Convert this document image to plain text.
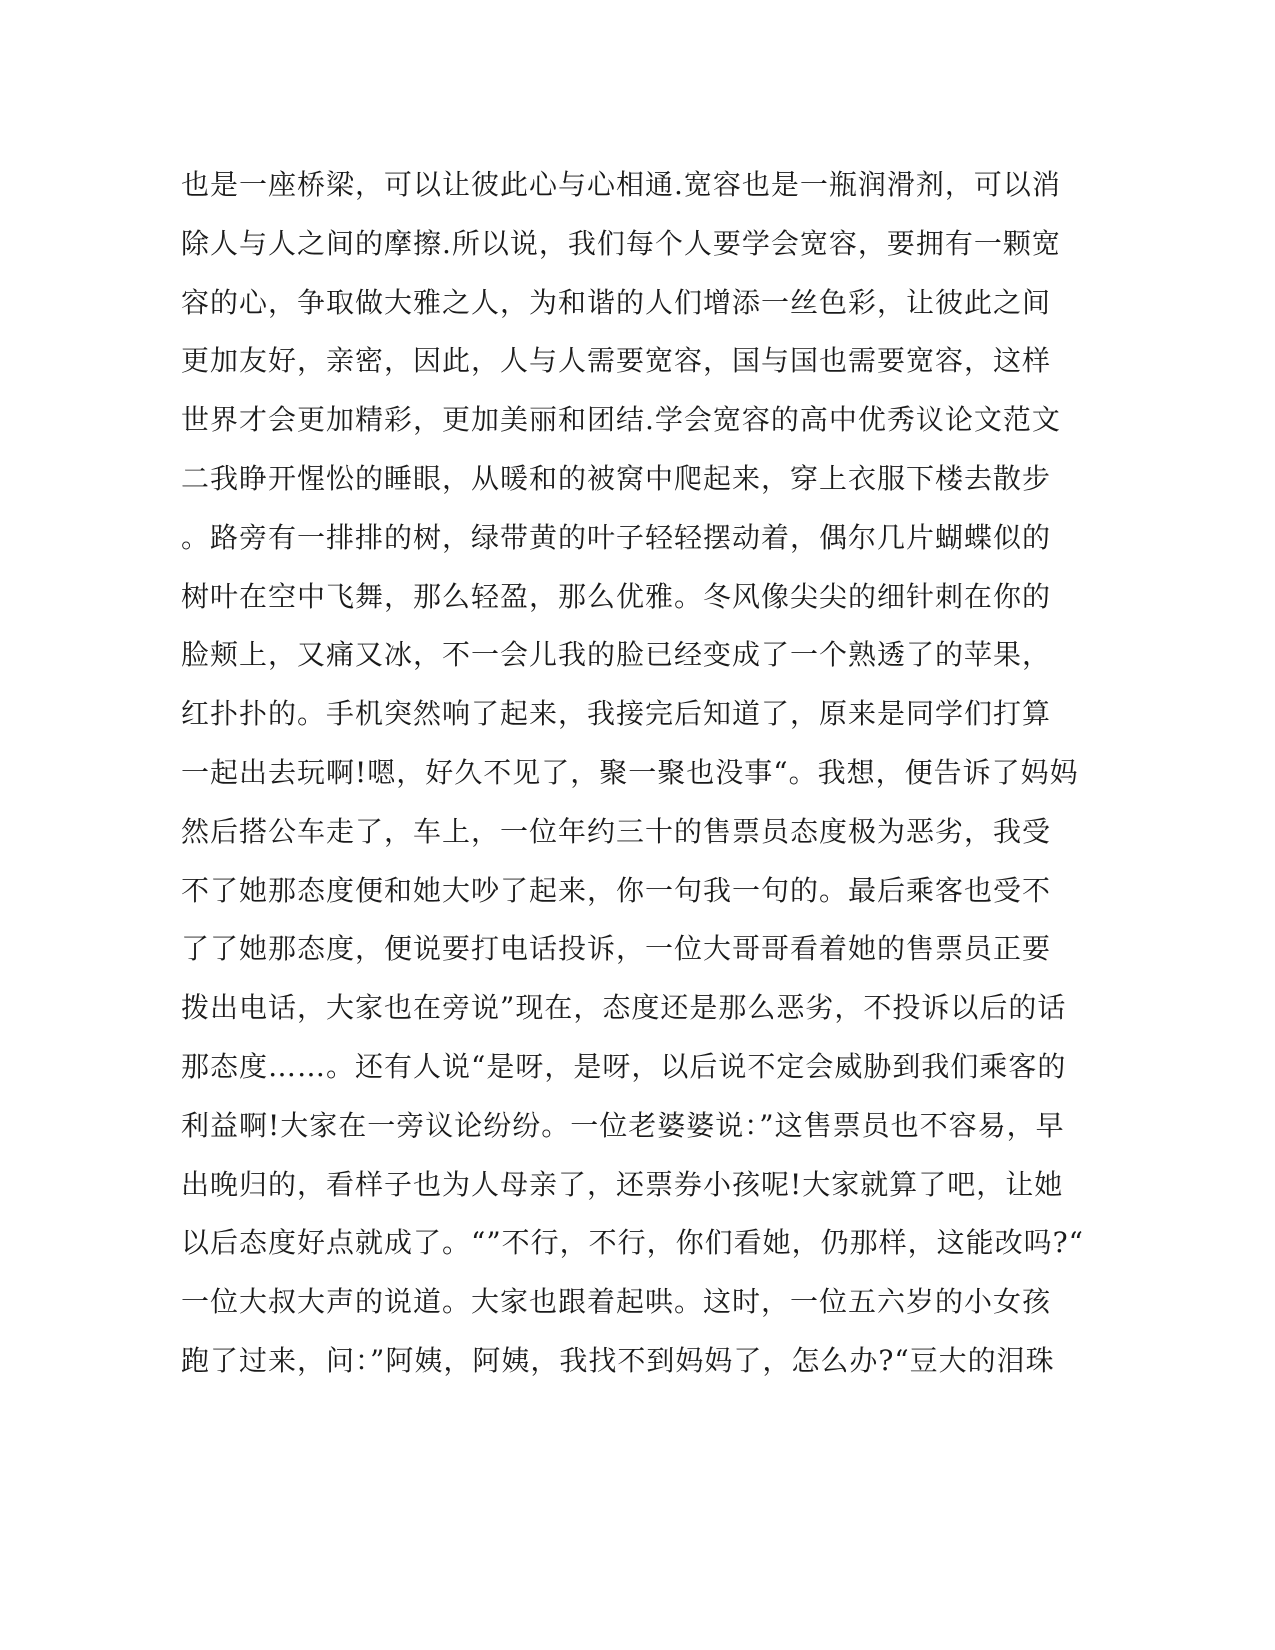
也是一座桥梁，可以让彼此心与心相通.宽容也是一瓶润滑剂，可以消
除人与人之间的摩擦.所以说，我们每个人要学会宽容，要拥有一颗宽
容的心，争取做大雅之人，为和谐的人们增添一丝色彩，让彼此之间
更加友好，亲密，因此，人与人需要宽容，国与国也需要宽容，这样
世界才会更加精彩，更加美丽和团结.学会宽容的高中优秀议论文范文
二我睁开惺忪的睡眼，从暖和的被窝中爬起来，穿上衣服下楼去散步
。路旁有一排排的树，绿带黄的叶子轻轻摆动着，偶尔几片蝴蝶似的
树叶在空中飞舞，那么轻盈，那么优雅。冬风像尖尖的细针刺在你的
脸颊上，又痛又冰，不一会儿我的脸已经变成了一个熟透了的苹果，
红扑扑的。手机突然响了起来，我接完后知道了，原来是同学们打算
一起出去玩啊!嗯，好久不见了，聚一聚也没事“。我想，便告诉了妈妈
然后搭公车走了，车上，一位年约三十的售票员态度极为恶劣，我受
不了她那态度便和她大吵了起来，你一句我一句的。最后乘客也受不
了了她那态度，便说要打电话投诉，一位大哥哥看着她的售票员正要
拨出电话，大家也在旁说”现在，态度还是那么恶劣，不投诉以后的话
那态度……。还有人说“是呀，是呀，以后说不定会威胁到我们乘客的
利益啊!大家在一旁议论纷纷。一位老婆婆说：”这售票员也不容易，早
出晚归的，看样子也为人母亲了，还票券小孩呢!大家就算了吧，让她
以后态度好点就成了。“”不行，不行，你们看她，仍那样，这能改吗?“
一位大叔大声的说道。大家也跟着起哄。这时，一位五六岁的小女孩
跑了过来，问：”阿姨，阿姨，我找不到妈妈了，怎么办?“豆大的泪珠
